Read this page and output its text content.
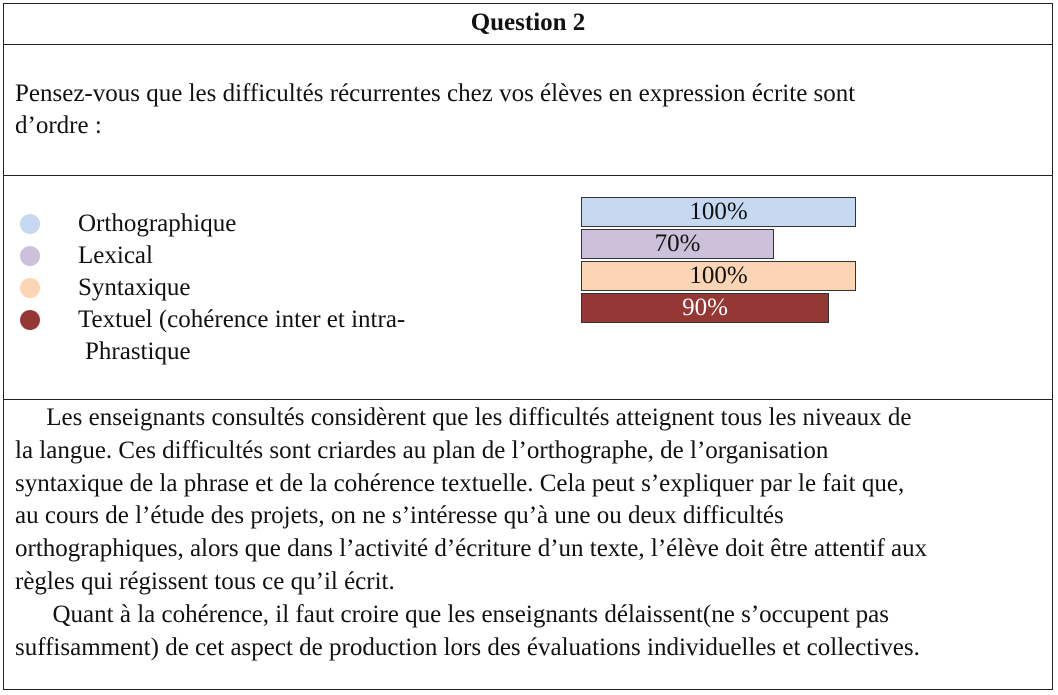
Question 2
Pensez-vous que les difficultés récurrentes chez vos élèves en expression écrite sont
d’ordre :
Orthographique
Lexical
Syntaxique
Textuel (cohérence inter et intra-
Phrastique
100%
70%
100%
90%

Les enseignants consultés considèrent que les difficultés atteignent tous les niveaux de

la langue. Ces difficultés sont criardes au plan de l’orthographe, de l’organisation

syntaxique de la phrase et de la cohérence textuelle. Cela peut s’expliquer par le fait que,

au cours de l’étude des projets, on ne s’intéresse qu’à une ou deux difficultés

orthographiques, alors que dans l’activité d’écriture d’un texte, l’élève doit être attentif aux

règles qui régissent tous ce qu’il écrit.

Quant à la cohérence, il faut croire que les enseignants délaissent(ne s’occupent pas

suffisamment) de cet aspect de production lors des évaluations individuelles et collectives.
